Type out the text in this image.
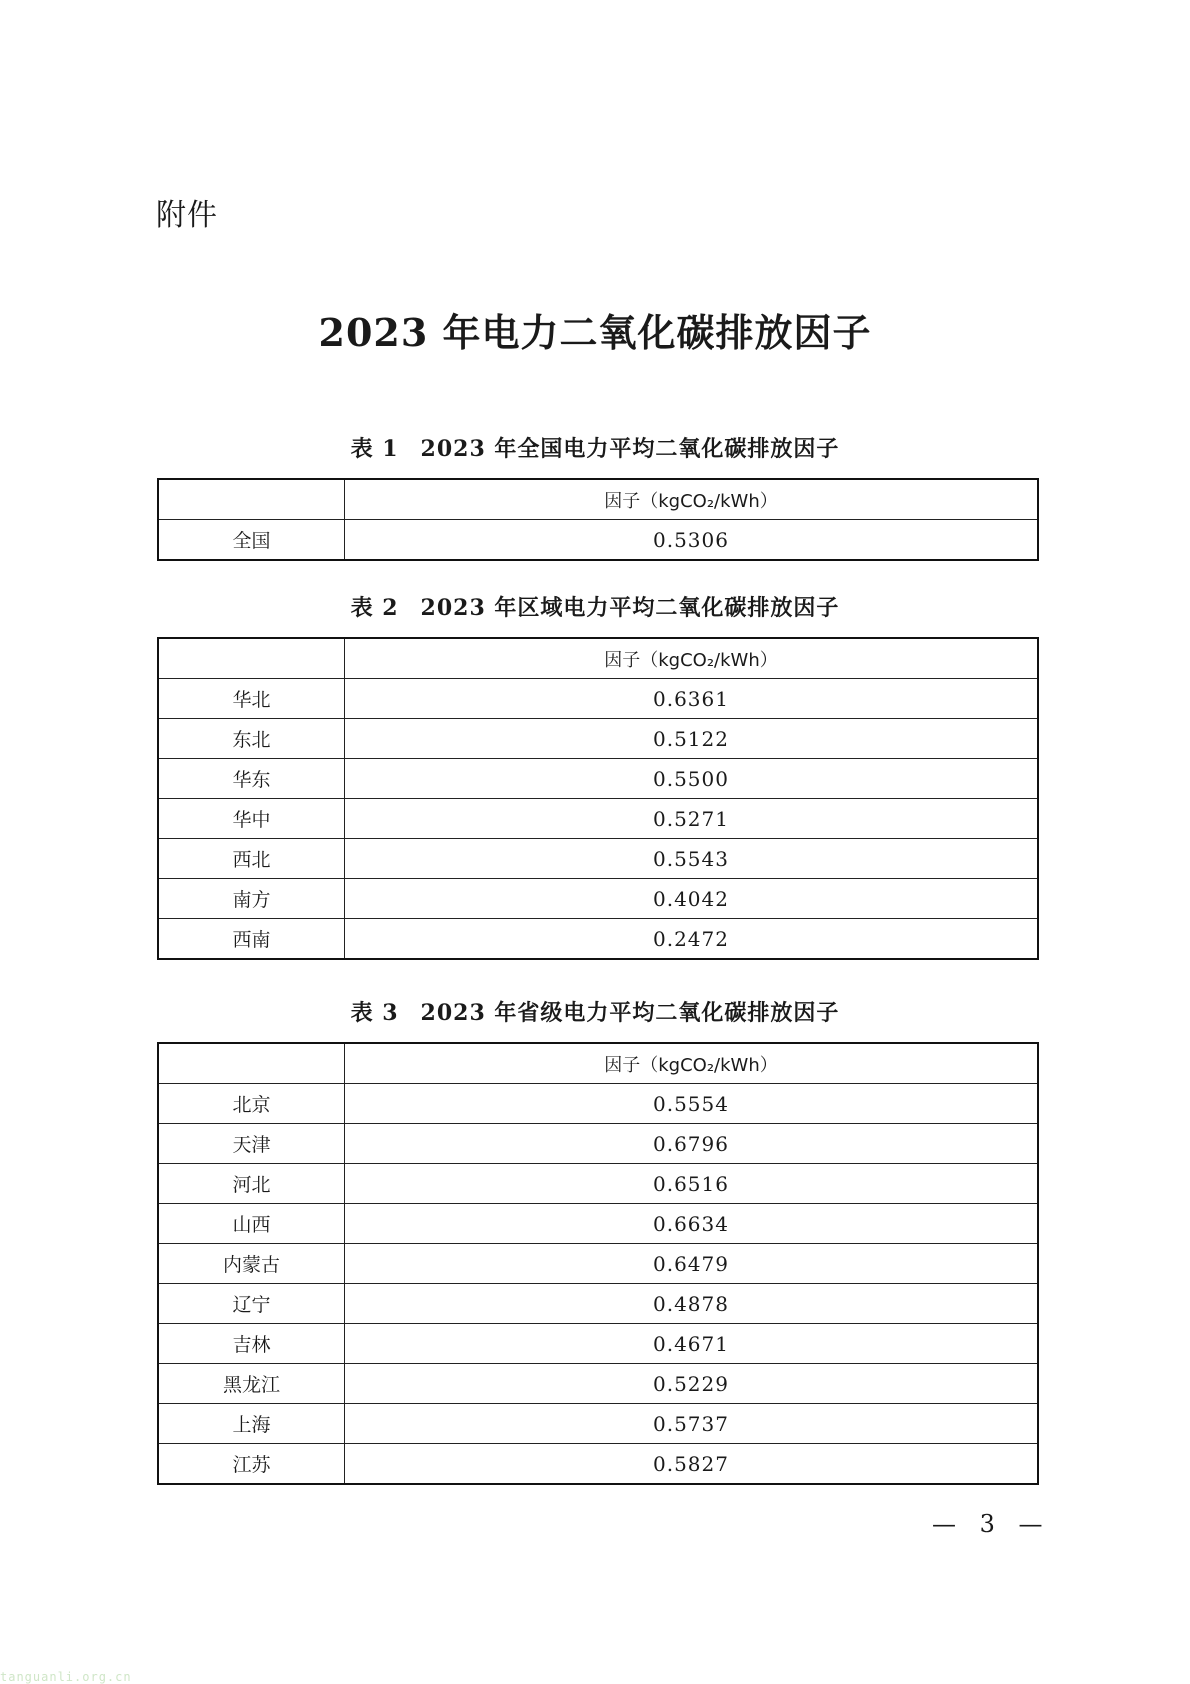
附件
2023 年电力二氧化碳排放因子
表 1 2023 年全国电力平均二氧化碳排放因子
	因子（kgCO₂/kWh）
全国	0.5306
表 2 2023 年区域电力平均二氧化碳排放因子
	因子（kgCO₂/kWh）
华北	0.6361
东北	0.5122
华东	0.5500
华中	0.5271
西北	0.5543
南方	0.4042
西南	0.2472
表 3 2023 年省级电力平均二氧化碳排放因子
	因子（kgCO₂/kWh）
北京	0.5554
天津	0.6796
河北	0.6516
山西	0.6634
内蒙古	0.6479
辽宁	0.4878
吉林	0.4671
黑龙江	0.5229
上海	0.5737
江苏	0.5827
— 3 —
tanguanli.org.cn
